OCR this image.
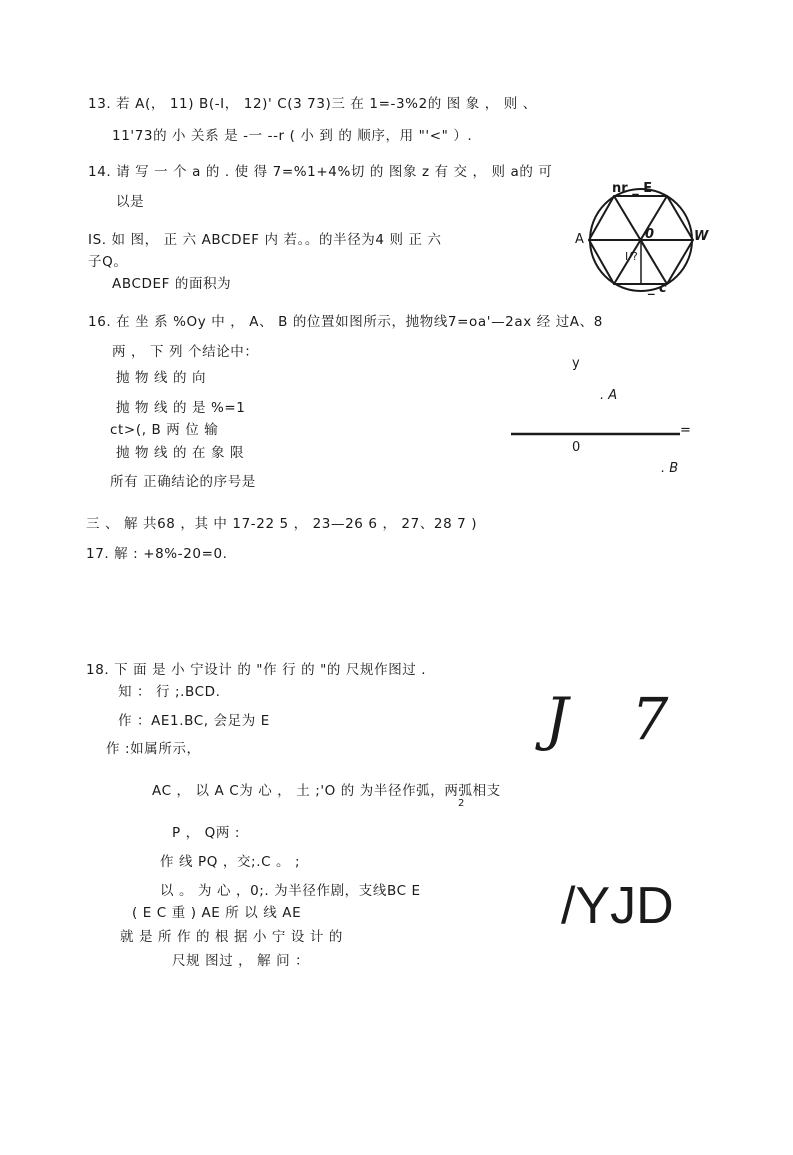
13. 若 A(， 11) B(-I， 12)' C(3 73)三 在 1=-3%2的 图 象 ， 则 、
11'73的 小 关系 是 -一 --r ( 小 到 的 顺序，用 "'<" ）.
14. 请 写 一 个 a 的 . 使 得 7=%1+4%切 的 图象 z 有 交 ， 则 a的 可
以是
IS. 如 图， 正 六 ABCDEF 内 若。。的半径为4 则 正 六
子Q。
ABCDEF 的面积为
nr _ E
A	W
0
I/?
_ c
16. 在 坐 系 %Oy 中 ， A、 B 的位置如图所示，抛物线7=oa'—2ax 经 过A、8
两 ， 下 列 个结论中：
抛 物 线 的 向
抛 物 线 的 是 %=1
ct>(, B 两 位 输
抛 物 线 的 在 象 限
所有 正确结论的序号是
y
. A
=
0
. B
三 、 解 共68 ，其 中 17-22 5 ， 23—26 6 ， 27、28 7 )
17. 解 : +8%-20=0.
18. 下 面 是 小 宁设计 的 "作 行 的 "的 尺规作图过 .
知 ： 行 ;.BCD.
作 ：AE1.BC, 会足为 E
作 :如属所示，
AC ， 以 A C为 心 ， 土 ;'O 的 为半径作弧，两弧相支
2
P ， Q两 :
作 线 PQ ，交;.C 。 ;
以 。 为 心 ，0;. 为半径作剧，支线BC E
( E C 重 ) AE 所 以 线 AE
就 是 所 作 的 根 据 小 宁 设 计 的
尺规 图过 ， 解 问 ：
J   7
/YJD
